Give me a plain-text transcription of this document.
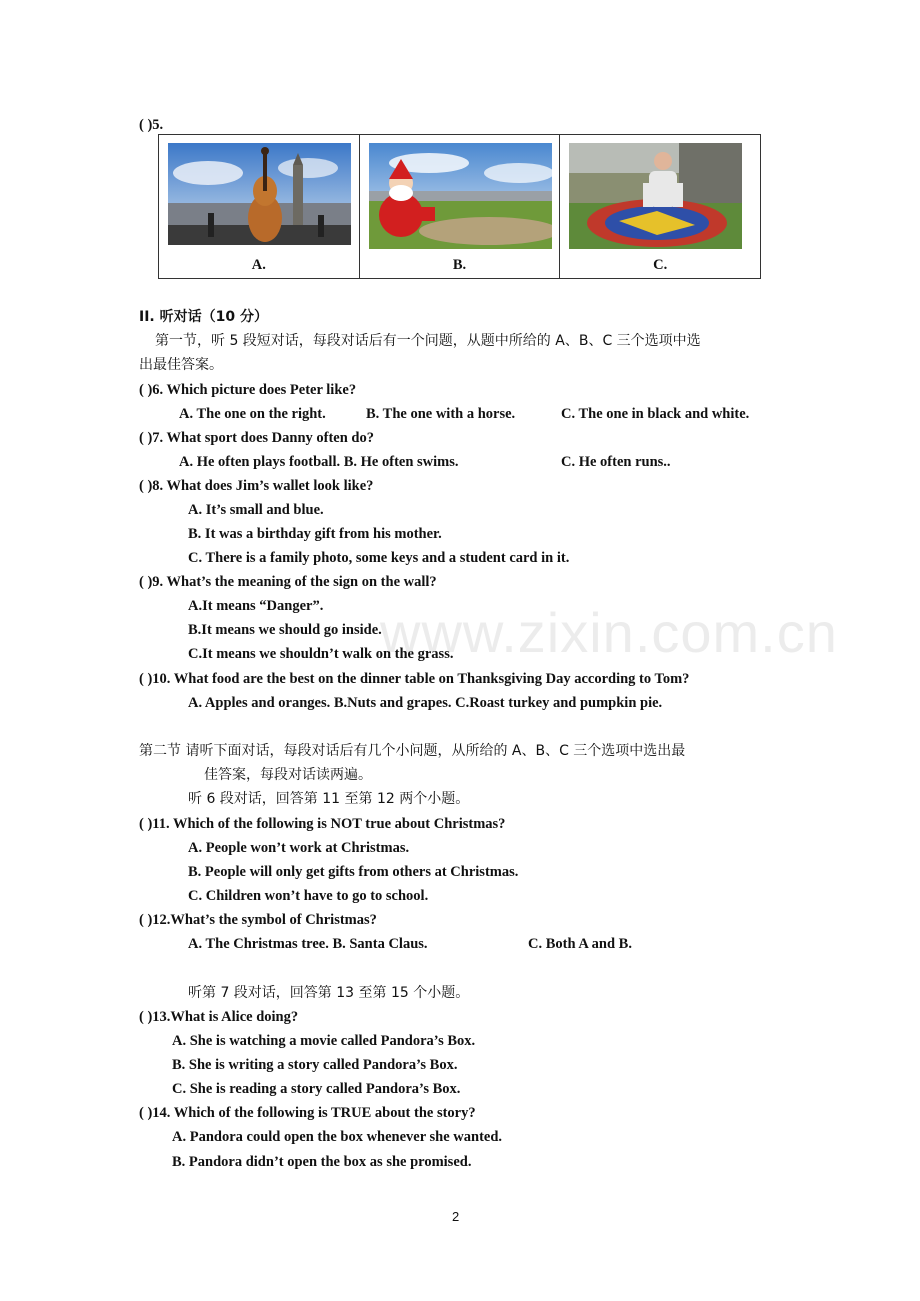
( )5.
A.	B.	C.
II. 听对话（10 分）
第一节，听 5 段短对话，每段对话后有一个问题，从题中所给的 A、B、C 三个选项中选
出最佳答案。
( )6. Which picture does Peter like?
A. The one on the right.	B. The one with a horse.	C. The one in black and white.
( )7. What sport does Danny often do?
A. He often plays football. B. He often swims.	C. He often runs..
( )8. What does Jim’s wallet look like?
A. It’s small and blue.
B. It was a birthday gift from his mother.
C. There is a family photo, some keys and a student card in it.
( )9. What’s the meaning of the sign on the wall?
A.It means “Danger”.
B.It means we should go inside.
C.It means we shouldn’t walk on the grass.
( )10. What food are the best on the dinner table on Thanksgiving Day according to Tom?
A. Apples and oranges. B.Nuts and grapes. C.Roast turkey and pumpkin pie.
第二节 请听下面对话，每段对话后有几个小问题，从所给的 A、B、C 三个选项中选出最
佳答案，每段对话读两遍。
听 6 段对话，回答第 11 至第 12 两个小题。
( )11. Which of the following is NOT true about Christmas?
A. People won’t work at Christmas.
B. People will only get gifts from others at Christmas.
C. Children won’t have to go to school.
( )12.What’s the symbol of Christmas?
A. The Christmas tree. B. Santa Claus.	C. Both A and B.
听第 7 段对话，回答第 13 至第 15 个小题。
( )13.What is Alice doing?
A. She is watching a movie called Pandora’s Box.
B. She is writing a story called Pandora’s Box.
C. She is reading a story called Pandora’s Box.
( )14. Which of the following is TRUE about the story?
A. Pandora could open the box whenever she wanted.
B. Pandora didn’t open the box as she promised.
www.zixin.com.cn
2
